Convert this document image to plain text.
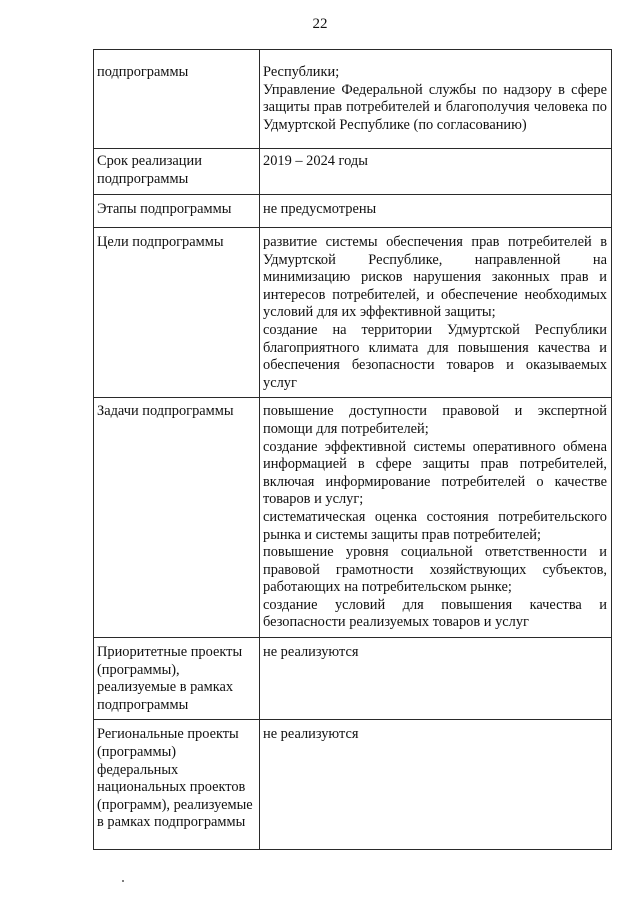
22
подпрограммы	Республики;
Управление Федеральной службы по надзору в сфере защиты прав потребителей и благополучия человека по Удмуртской Республике (по согласованию)

Срок реализации подпрограммы	2019 – 2024 годы

Этапы подпрограммы	не предусмотрены

Цели подпрограммы	развитие системы обеспечения прав потребителей в Удмуртской Республике, направленной на минимизацию рисков нарушения законных прав и интересов потребителей, и обеспечение необходимых условий для их эффективной защиты;
создание на территории Удмуртской Республики благоприятного климата для повышения качества и обеспечения безопасности товаров и оказываемых услуг

Задачи подпрограммы	повышение доступности правовой и экспертной помощи для потребителей;
создание эффективной системы оперативного обмена информацией в сфере защиты прав потребителей, включая информирование потребителей о качестве товаров и услуг;
систематическая оценка состояния потребительского рынка и системы защиты прав потребителей;
повышение уровня социальной ответственности и правовой грамотности хозяйствующих субъектов, работающих на потребительском рынке;
создание условий для повышения качества и безопасности реализуемых товаров и услуг

Приоритетные проекты (программы), реализуемые в рамках подпрограммы	не реализуются

Региональные проекты (программы) федеральных национальных проектов (программ), реализуемые в рамках подпрограммы	не реализуются
